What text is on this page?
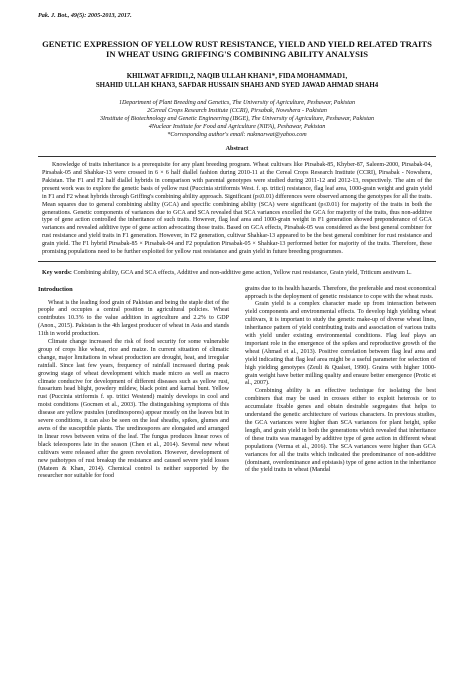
Pak. J. Bot., 49(5): 2005-2013, 2017.
GENETIC EXPRESSION OF YELLOW RUST RESISTANCE, YIELD AND YIELD RELATED TRAITS IN WHEAT USING GRIFFING'S COMBINING ABILITY ANALYSIS
KHILWAT AFRIDI1,2, NAQIB ULLAH KHAN1*, FIDA MOHAMMAD1,
SHAHID ULLAH KHAN3, SAFDAR HUSSAIN SHAH3 AND SYED JAWAD AHMAD SHAH4
1Department of Plant Breeding and Genetics, The University of Agriculture, Peshawar, Pakistan
2Cereal Crops Research Institute (CCRI), Pirsabak, Nowshera - Pakistan
3Institute of Biotechnology and Genetic Engineering (IBGE), The University of Agriculture, Peshawar, Pakistan
4Nuclear Institute for Food and Agriculture (NIFA), Peshawar, Pakistan
*Corresponding author's email: nukmarwat@yahoo.com
Abstract

Knowledge of traits inheritance is a prerequisite for any plant breeding program. Wheat cultivars like Pirsabak-85, Khyber-87, Saleem-2000, Pirsabak-04, Pirsabak-05 and Shahkar-13 were crossed in 6 × 6 half diallel fashion during 2010-11 at the Cereal Crops Research Institute (CCRI), Pirsabak - Nowshera, Pakistan. The F1 and F2 half diallel hybrids in comparison with parental genotypes were studied during 2011-12 and 2012-13, respectively. The aim of the present work was to explore the genetic basis of yellow rust (Puccinia striiformis West. f. sp. tritici) resistance, flag leaf area, 1000-grain weight and grain yield in F1 and F2 wheat hybrids through Griffing's combining ability approach. Significant (p≤0.01) differences were observed among the genotypes for all the traits. Mean squares due to general combining ability (GCA) and specific combining ability (SCA) were significant (p≤0.01) for majority of the traits in both the generations. Genetic components of variances due to GCA and SCA revealed that SCA variances excelled the GCA for majority of the traits, thus non-additive type of gene action controlled the inheritance of such traits. However, flag leaf area and 1000-grain weight in F1 generation showed preponderance of GCA variances and revealed additive type of gene action advocating those traits. Based on GCA effects, Pirsabak-05 was considered as the best general combiner for rust resistance and yield traits in F1 generation. However, in F2 generation, cultivar Shahkar-13 appeared to be the best general combiner for rust resistance and grain yield. The F1 hybrid Pirsabak-85 × Pirsabak-04 and F2 population Pirsabak-05 × Shahkar-13 performed better for majority of the traits. Therefore, these promising populations need to be further exploited for yellow rust resistance and grain yield in future breeding programmes.

Key words: Combining ability, GCA and SCA effects, Additive and non-additive gene action, Yellow rust resistance, Grain yield, Triticum aestivum L.

Introduction

Wheat is the leading food grain of Pakistan and being the staple diet of the people and occupies a central position in agricultural policies. Wheat contributes 10.3% to the value addition in agriculture and 2.2% to GDP (Anon., 2015). Pakistan is the 4th largest producer of wheat in Asia and stands 11th in world production.

Climate change increased the risk of food security for some vulnerable group of crops like wheat, rice and maize. In current situation of climatic change, major limitations in wheat production are drought, heat, and irregular rainfall. Since last few years, frequency of rainfall increased during peak growing stage of wheat development which made micro as well as macro climate conducive for development of different diseases such as yellow rust, fussarium head blight, powdery mildew, black point and karnal bunt. Yellow rust (Puccinia striformis f. sp. tritici Westend) mainly develops in cool and moist conditions (Gocmen et al., 2003). The distinguishing symptoms of this disease are yellow pustules (uredinospores) appear mostly on the leaves but in severe conditions, it can also be seen on the leaf sheaths, spikes, glumes and awns of the susceptible plants. The uredinospores are elongated and arranged in linear rows between veins of the leaf. The fungus produces linear rows of black teleospores late in the season (Chen et al., 2014). Several new wheat cultivars were released after the green revolution. However, development of new pathotypes of rust breakup the resistance and caused severe yield losses (Mateen & Khan, 2014). Chemical control is neither supported by the researcher nor suitable for food

grains due to its health hazards. Therefore, the preferable and most economical approach is the deployment of genetic resistance to cope with the wheat rusts.

Grain yield is a complex character made up from interaction between yield components and environmental effects. To develop high yielding wheat cultivars, it is important to study the genetic make-up of diverse wheat lines, inheritance pattern of yield contributing traits and association of various traits with yield under existing environmental conditions. Flag leaf plays an important role in the emergence of the spikes and reproductive growth of the wheat (Ahmad et al., 2013). Positive correlation between flag leaf area and yield indicating that flag leaf area might be a useful parameter for selection of high yielding genotypes (Zeuli & Qualset, 1990). Grains with higher 1000-grain weight have better milling quality and ensure better emergence (Protic et al., 2007).

Combining ability is an effective technique for isolating the best combiners that may be used in crosses either to exploit heterosis or to accumulate fixable genes and obtain desirable segregates that helps to understand the genetic architecture of various characters. In previous studies, the GCA variances were higher than SCA variances for plant height, spike length, and grain yield in both the generations which revealed that inheritance of these traits was managed by additive type of gene action in different wheat populations (Verma et al., 2016). The SCA variances were higher than GCA variances for all the traits which indicated the predominance of non-additive (dominant, overdominance and epistasis) type of gene action in the inheritance of the yield traits in wheat (Mandal
